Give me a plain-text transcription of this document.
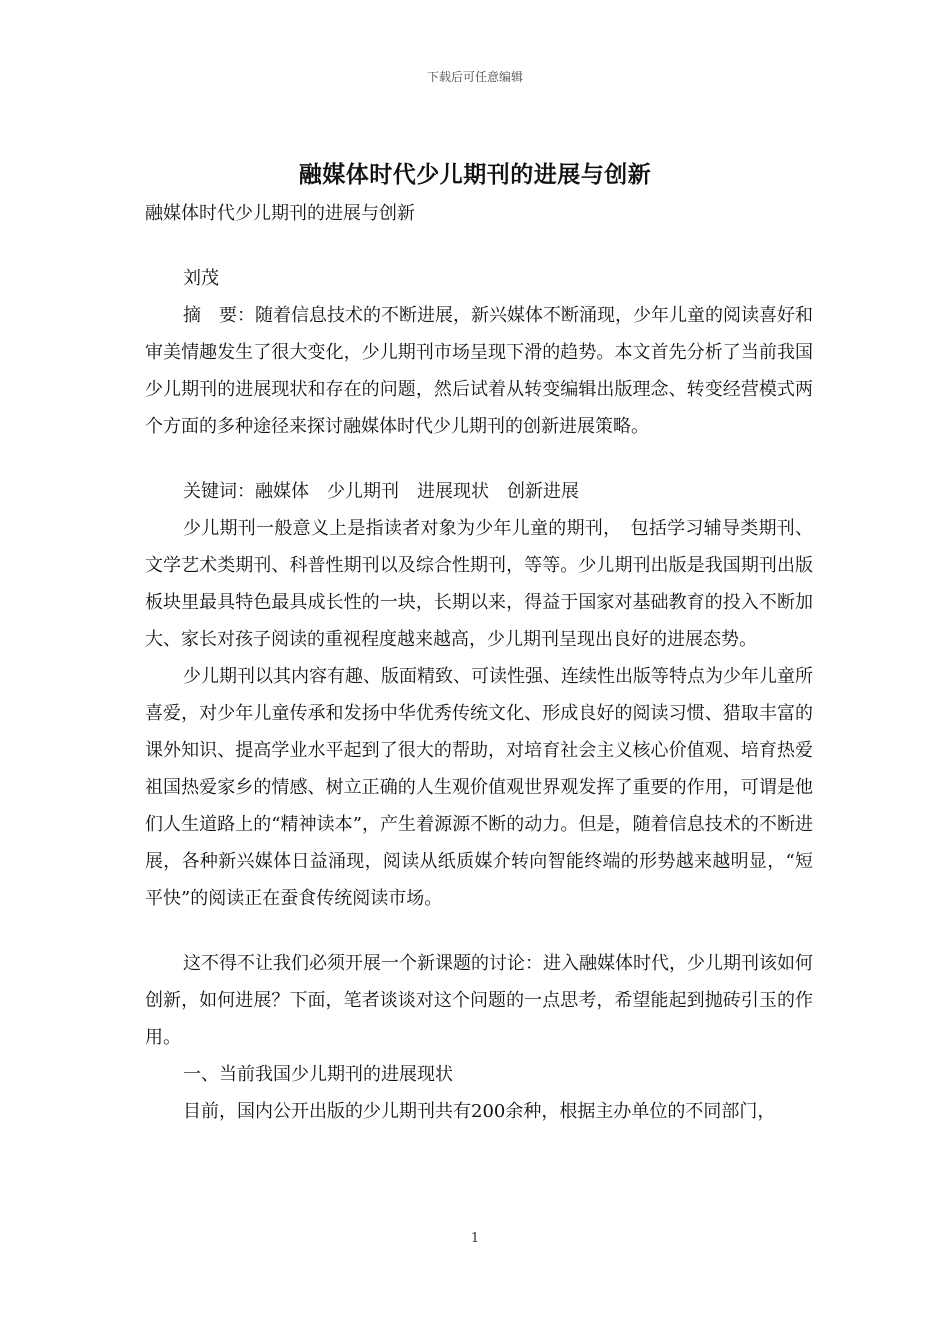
下载后可任意编辑
融媒体时代少儿期刊的进展与创新

融媒体时代少儿期刊的进展与创新

刘茂

摘　要：随着信息技术的不断进展，新兴媒体不断涌现，少年儿童的阅读喜好和审美情趣发生了很大变化，少儿期刊市场呈现下滑的趋势。本文首先分析了当前我国少儿期刊的进展现状和存在的问题，然后试着从转变编辑出版理念、转变经营模式两个方面的多种途径来探讨融媒体时代少儿期刊的创新进展策略。

关键词：融媒体　少儿期刊　进展现状　创新进展

少儿期刊一般意义上是指读者对象为少年儿童的期刊，　包括学习辅导类期刊、文学艺术类期刊、科普性期刊以及综合性期刊，等等。少儿期刊出版是我国期刊出版板块里最具特色最具成长性的一块，长期以来，得益于国家对基础教育的投入不断加大、家长对孩子阅读的重视程度越来越高，少儿期刊呈现出良好的进展态势。

少儿期刊以其内容有趣、版面精致、可读性强、连续性出版等特点为少年儿童所喜爱，对少年儿童传承和发扬中华优秀传统文化、形成良好的阅读习惯、猎取丰富的课外知识、提高学业水平起到了很大的帮助，对培育社会主义核心价值观、培育热爱祖国热爱家乡的情感、树立正确的人生观价值观世界观发挥了重要的作用，可谓是他们人生道路上的“精神读本”，产生着源源不断的动力。但是，随着信息技术的不断进展，各种新兴媒体日益涌现，阅读从纸质媒介转向智能终端的形势越来越明显，“短平快”的阅读正在蚕食传统阅读市场。

这不得不让我们必须开展一个新课题的讨论：进入融媒体时代，少儿期刊该如何创新，如何进展？下面，笔者谈谈对这个问题的一点思考，希望能起到抛砖引玉的作用。

一、当前我国少儿期刊的进展现状

目前，国内公开出版的少儿期刊共有200余种，根据主办单位的不同部门，

1
